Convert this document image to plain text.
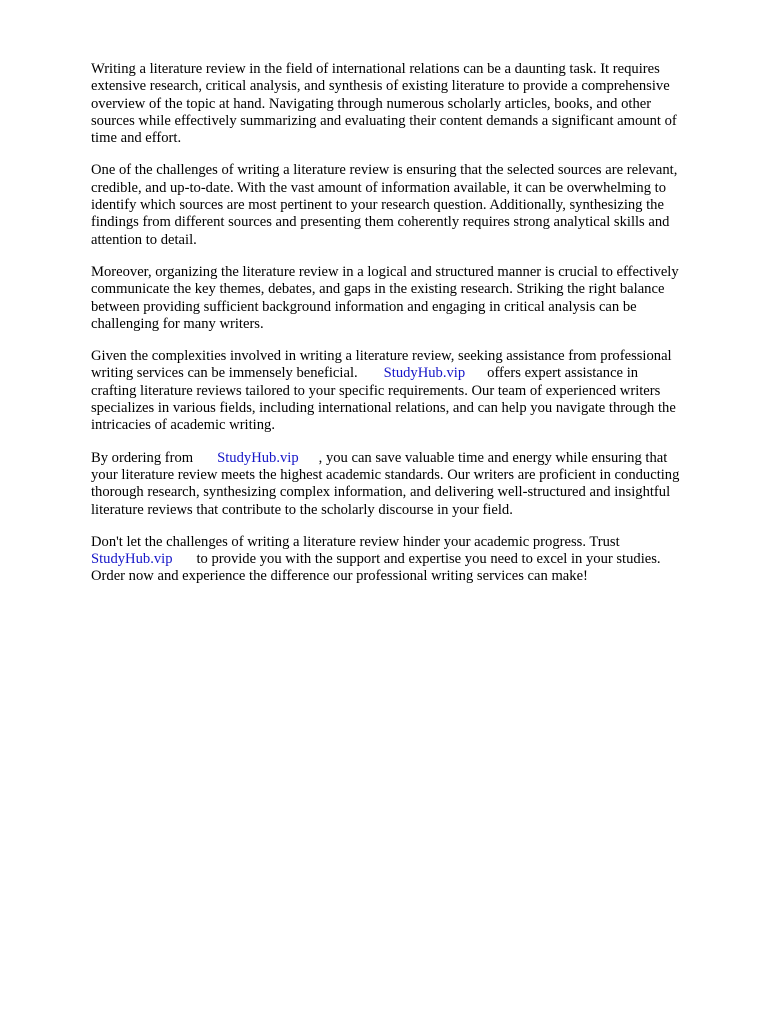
Writing a literature review in the field of international relations can be a daunting task. It requires
extensive research, critical analysis, and synthesis of existing literature to provide a comprehensive
overview of the topic at hand. Navigating through numerous scholarly articles, books, and other
sources while effectively summarizing and evaluating their content demands a significant amount of
time and effort.

One of the challenges of writing a literature review is ensuring that the selected sources are relevant,
credible, and up-to-date. With the vast amount of information available, it can be overwhelming to
identify which sources are most pertinent to your research question. Additionally, synthesizing the
findings from different sources and presenting them coherently requires strong analytical skills and
attention to detail.

Moreover, organizing the literature review in a logical and structured manner is crucial to effectively
communicate the key themes, debates, and gaps in the existing research. Striking the right balance
between providing sufficient background information and engaging in critical analysis can be
challenging for many writers.

Given the complexities involved in writing a literature review, seeking assistance from professional
writing services can be immensely beneficial. StudyHub.vip offers expert assistance in
crafting literature reviews tailored to your specific requirements. Our team of experienced writers
specializes in various fields, including international relations, and can help you navigate through the
intricacies of academic writing.

By ordering from StudyHub.vip , you can save valuable time and energy while ensuring that
your literature review meets the highest academic standards. Our writers are proficient in conducting
thorough research, synthesizing complex information, and delivering well-structured and insightful
literature reviews that contribute to the scholarly discourse in your field.

Don't let the challenges of writing a literature review hinder your academic progress. Trust
StudyHub.vip to provide you with the support and expertise you need to excel in your studies.
Order now and experience the difference our professional writing services can make!
